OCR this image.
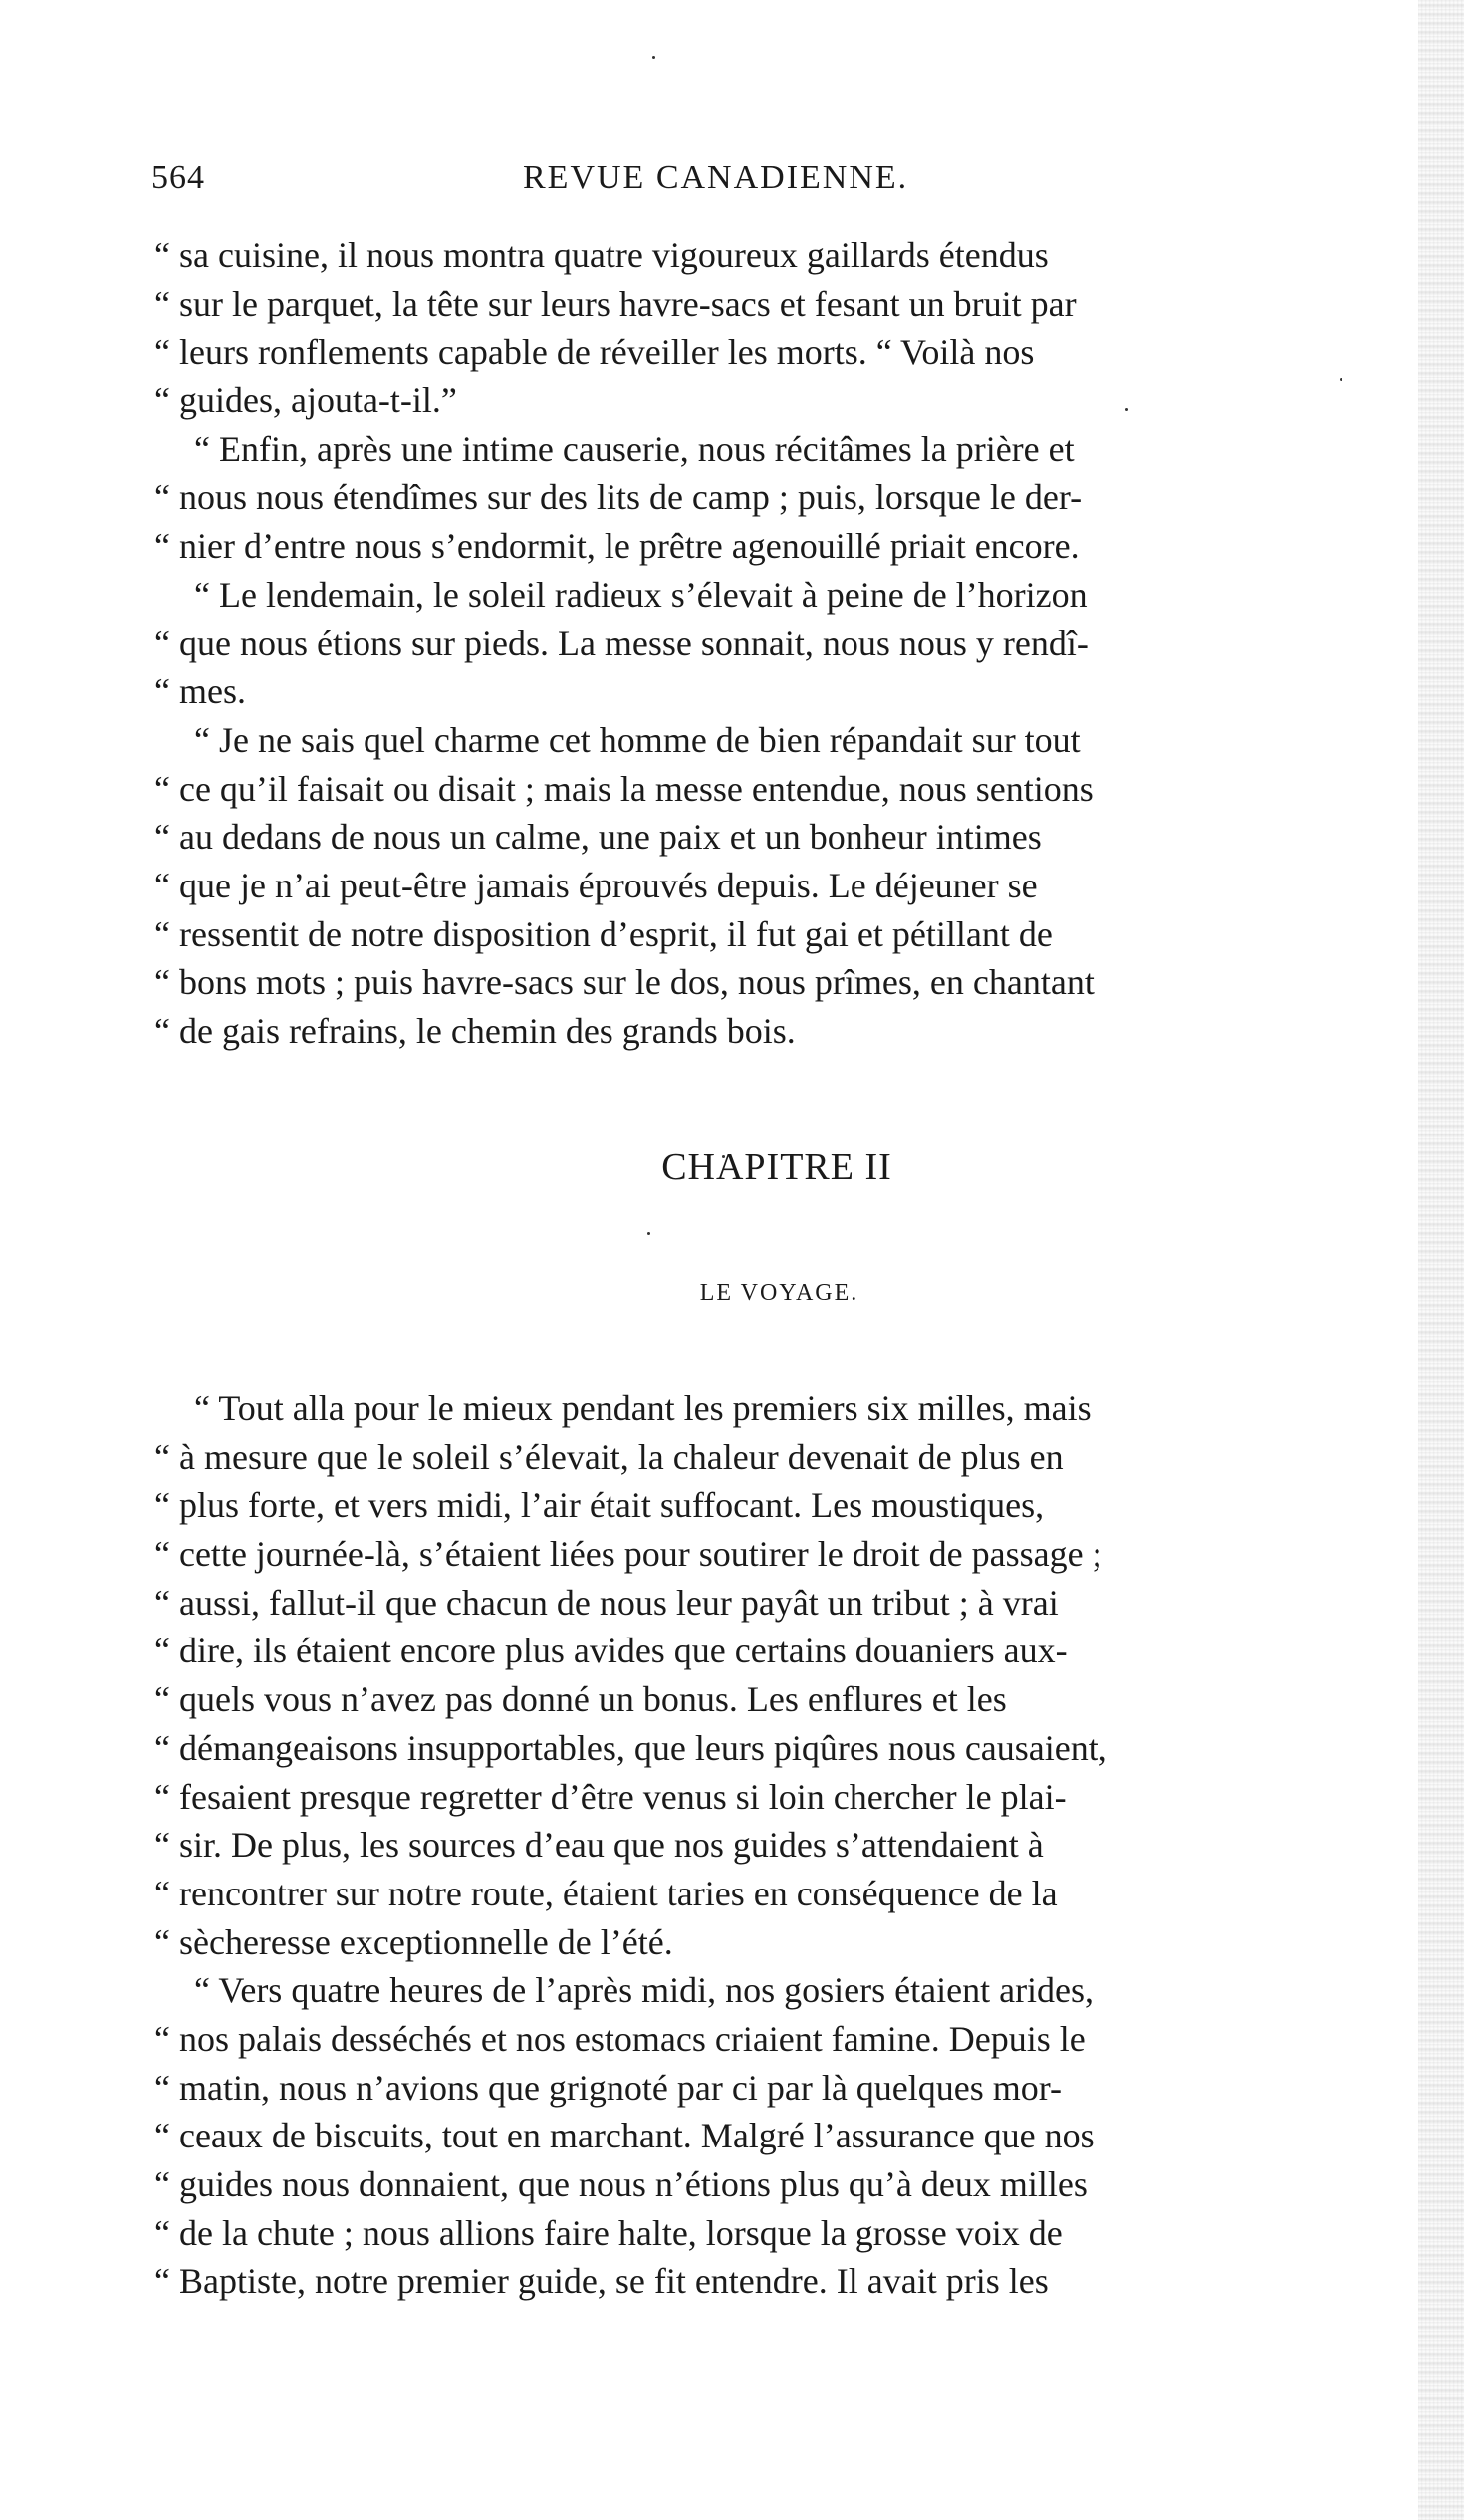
564	REVUE CANADIENNE.
“ sa cuisine, il nous montra quatre vigoureux gaillards étendus
“ sur le parquet, la tête sur leurs havre-sacs et fesant un bruit par
“ leurs ronflements capable de réveiller les morts. “ Voilà nos
“ guides, ajouta-t-il.”
“ Enfin, après une intime causerie, nous récitâmes la prière et
“ nous nous étendîmes sur des lits de camp ; puis, lorsque le der-
“ nier d’entre nous s’endormit, le prêtre agenouillé priait encore.
“ Le lendemain, le soleil radieux s’élevait à peine de l’horizon
“ que nous étions sur pieds. La messe sonnait, nous nous y rendî-
“ mes.
“ Je ne sais quel charme cet homme de bien répandait sur tout
“ ce qu’il faisait ou disait ; mais la messe entendue, nous sentions
“ au dedans de nous un calme, une paix et un bonheur intimes
“ que je n’ai peut-être jamais éprouvés depuis. Le déjeuner se
“ ressentit de notre disposition d’esprit, il fut gai et pétillant de
“ bons mots ; puis havre-sacs sur le dos, nous prîmes, en chantant
“ de gais refrains, le chemin des grands bois.
CHAPITRE II
LE VOYAGE.
“ Tout alla pour le mieux pendant les premiers six milles, mais
“ à mesure que le soleil s’élevait, la chaleur devenait de plus en
“ plus forte, et vers midi, l’air était suffocant. Les moustiques,
“ cette journée-là, s’étaient liées pour soutirer le droit de passage ;
“ aussi, fallut-il que chacun de nous leur payât un tribut ; à vrai
“ dire, ils étaient encore plus avides que certains douaniers aux-
“ quels vous n’avez pas donné un bonus. Les enflures et les
“ démangeaisons insupportables, que leurs piqûres nous causaient,
“ fesaient presque regretter d’être venus si loin chercher le plai-
“ sir. De plus, les sources d’eau que nos guides s’attendaient à
“ rencontrer sur notre route, étaient taries en conséquence de la
“ sècheresse exceptionnelle de l’été.
“ Vers quatre heures de l’après midi, nos gosiers étaient arides,
“ nos palais desséchés et nos estomacs criaient famine. Depuis le
“ matin, nous n’avions que grignoté par ci par là quelques mor-
“ ceaux de biscuits, tout en marchant. Malgré l’assurance que nos
“ guides nous donnaient, que nous n’étions plus qu’à deux milles
“ de la chute ; nous allions faire halte, lorsque la grosse voix de
“ Baptiste, notre premier guide, se fit entendre. Il avait pris les
